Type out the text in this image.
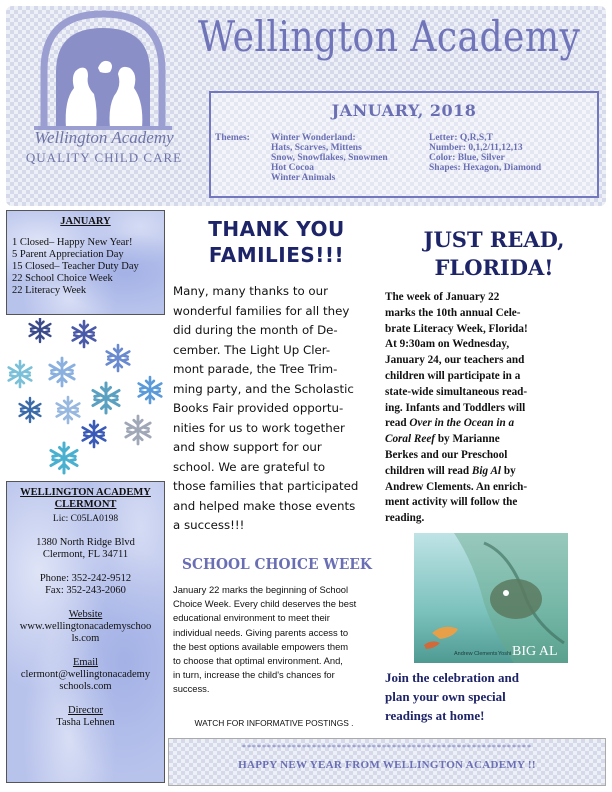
Wellington Academy
QUALITY CHILD CARE
Wellington Academy
JANUARY, 2018
Themes: Winter Wonderland:
Hats, Scarves, Mittens
Snow, Snowflakes, Snowmen
Hot Cocoa
Winter Animals
Letter: Q,R,S,T
Number: 0,1,2/11,12,13
Color: Blue, Silver
Shapes: Hexagon, Diamond
JANUARY
1 Closed– Happy New Year!
5 Parent Appreciation Day
15 Closed– Teacher Duty Day
22 School Choice Week
22 Literacy Week
WELLINGTON ACADEMY
CLERMONT
Lic: C05LA0198
1380 North Ridge Blvd
Clermont, FL 34711
Phone: 352-242-9512
Fax: 352-243-2060
Website
www.wellingtonacademyschoo
ls.com
Email
clermont@wellingtonacademy
schools.com
Director
Tasha Lehnen
THANK YOU
FAMILIES!!!
Many, many thanks to our
wonderful families for all they
did during the month of De-
cember. The Light Up Cler-
mont parade, the Tree Trim-
ming party, and the Scholastic
Books Fair provided opportu-
nities for us to work together
and show support for our
school. We are grateful to
those families that participated
and helped make those events
a success!!!
SCHOOL CHOICE WEEK
January 22 marks the beginning of School
Choice Week. Every child deserves the best
educational environment to meet their
individual needs. Giving parents access to
the best options available empowers them
to choose that optimal environment. And,
in turn, increase the child's chances for
success.
WATCH FOR INFORMATIVE POSTINGS .
JUST READ,
FLORIDA!
The week of January 22
marks the 10th annual Cele-
brate Literacy Week, Florida!
At 9:30am on Wednesday,
January 24, our teachers and
children will participate in a
state-wide simultaneous read-
ing. Infants and Toddlers will
read Over in the Ocean in a
Coral Reef by Marianne
Berkes and our Preschool
children will read Big Al by
Andrew Clements. An enrich-
ment activity will follow the
reading.
BIG AL
Andrew Clements Yoshi
Join the celebration and
plan your own special
readings at home!
**********************************************************
HAPPY NEW YEAR FROM WELLINGTON ACADEMY !!
